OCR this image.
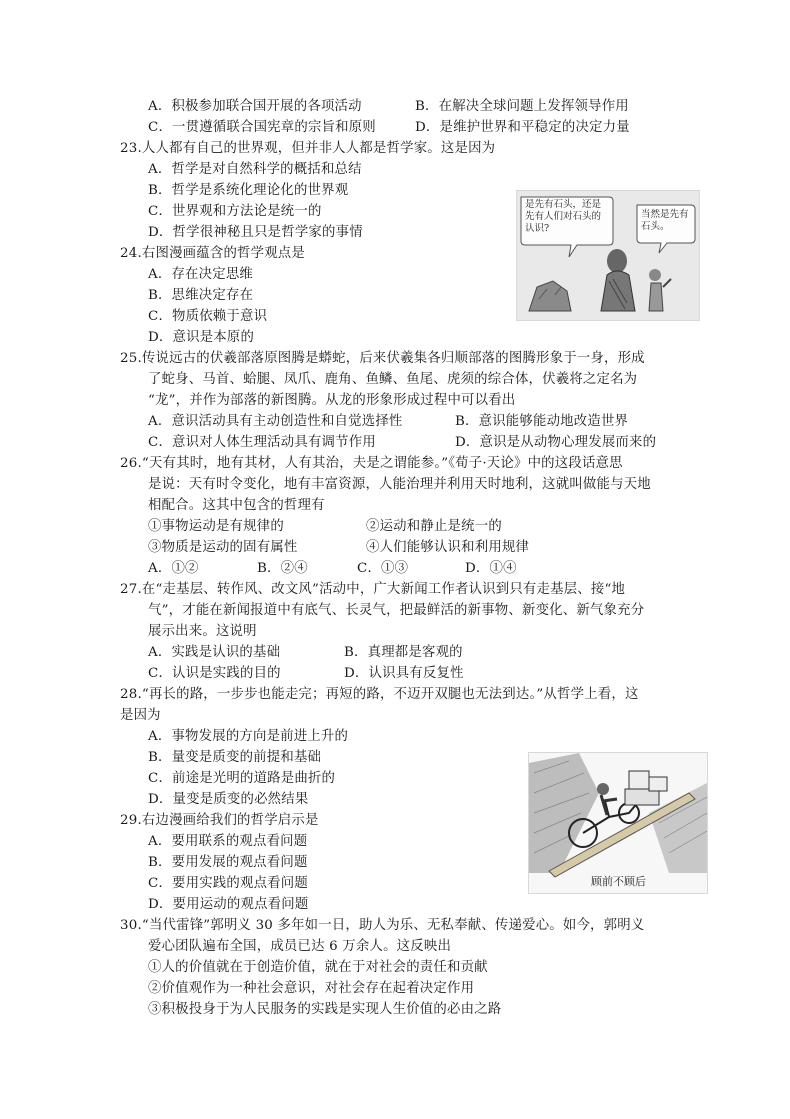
A．积极参加联合国开展的各项活动	B．在解决全球问题上发挥领导作用
C．一贯遵循联合国宪章的宗旨和原则	D．是维护世界和平稳定的决定力量
23.人人都有自己的世界观，但并非人人都是哲学家。这是因为
A．哲学是对自然科学的概括和总结
B．哲学是系统化理论化的世界观
C．世界观和方法论是统一的
D．哲学很神秘且只是哲学家的事情
24.右图漫画蕴含的哲学观点是
A．存在决定思维
B．思维决定存在
C．物质依赖于意识
D．意识是本原的
是先有石头，还是先有人们对石头的认识?
当然是先有石头。
25.传说远古的伏羲部落原图腾是蟒蛇，后来伏羲集各归顺部落的图腾形象于一身，形成
了蛇身、马首、蛤腿、凤爪、鹿角、鱼鳞、鱼尾、虎须的综合体，伏羲将之定名为
“龙”，并作为部落的新图腾。从龙的形象形成过程中可以看出
A．意识活动具有主动创造性和自觉选择性	B．意识能够能动地改造世界
C．意识对人体生理活动具有调节作用	D．意识是从动物心理发展而来的
26.“天有其时，地有其材，人有其治，夫是之谓能参。”《荀子·天论》中的这段话意思
是说：天有时令变化，地有丰富资源，人能治理并利用天时地利，这就叫做能与天地
相配合。这其中包含的哲理有
①事物运动是有规律的	②运动和静止是统一的
③物质是运动的固有属性	④人们能够认识和利用规律
A．①②	B．②④	C．①③	D．①④
27.在“走基层、转作风、改文风”活动中，广大新闻工作者认识到只有走基层、接“地
气”，才能在新闻报道中有底气、长灵气，把最鲜活的新事物、新变化、新气象充分
展示出来。这说明
A．实践是认识的基础	B．真理都是客观的
C．认识是实践的目的	D．认识具有反复性
28.“再长的路，一步步也能走完；再短的路，不迈开双腿也无法到达。”从哲学上看，这
是因为
A．事物发展的方向是前进上升的
B．量变是质变的前提和基础
C．前途是光明的道路是曲折的
D．量变是质变的必然结果
29.右边漫画给我们的哲学启示是
A．要用联系的观点看问题
B．要用发展的观点看问题
C．要用实践的观点看问题
D．要用运动的观点看问题
顾前不顾后
30.“当代雷锋”郭明义 30 多年如一日，助人为乐、无私奉献、传递爱心。如今，郭明义
爱心团队遍布全国，成员已达 6 万余人。这反映出
①人的价值就在于创造价值，就在于对社会的责任和贡献
②价值观作为一种社会意识，对社会存在起着决定作用
③积极投身于为人民服务的实践是实现人生价值的必由之路
